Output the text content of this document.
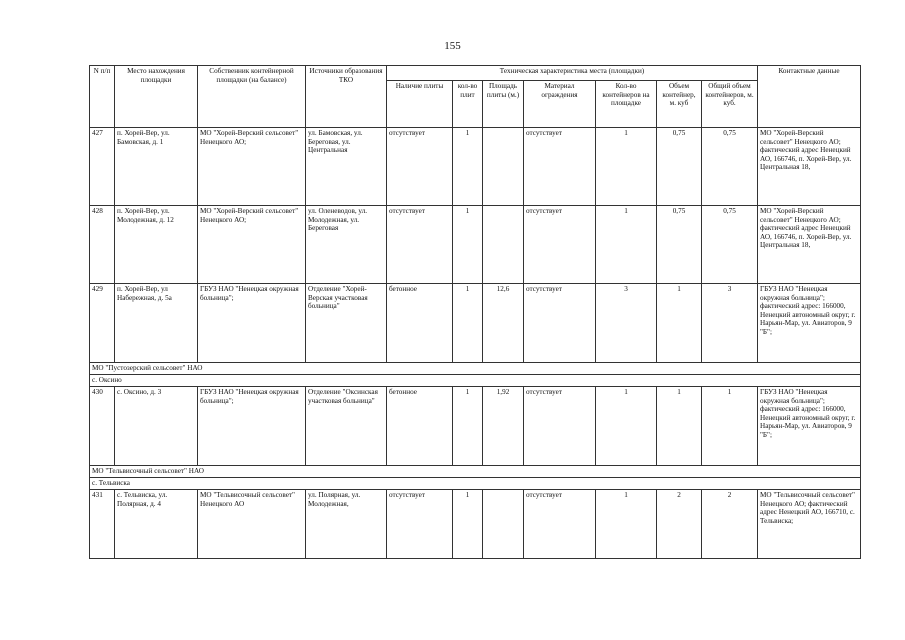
155
N п/п	Место нахождения площадки	Собственник контейнерной площадки (на балансе)	Источники образования ТКО	Техническая характеристика места (площадки)							Контактные данные
				Наличие плиты	кол-во плит	Площадь плиты (м.)	Материал ограждения	Кол-во контейнеров на площадке	Объем контейнер, м. куб	Общий объем контейнеров, м. куб.	
427	п. Хорей-Вер, ул. Бамовская, д. 1	МО "Хорей-Верский сельсовет" Ненецкого АО;	ул. Бамовская, ул. Береговая, ул. Центральная	отсутствует	1		отсутствует	1	0,75	0,75	МО "Хорей-Верский сельсовет" Ненецкого АО; фактический адрес Ненецкий АО, 166746, п. Хорей-Вер, ул. Центральная 18,
428	п. Хорей-Вер, ул. Молодежная, д. 12	МО "Хорей-Верский сельсовет" Ненецкого АО;	ул. Оленеводов, ул. Молодежная, ул. Береговая	отсутствует	1		отсутствует	1	0,75	0,75	МО "Хорей-Верский сельсовет" Ненецкого АО; фактический адрес Ненецкий АО, 166746, п. Хорей-Вер, ул. Центральная 18,
429	п. Хорей-Вер, ул Набережная, д. 5а	ГБУЗ НАО "Ненецкая окружная больница";	Отделение "Хорей-Верская участковая больница"	бетонное	1	12,6	отсутствует	3	1	3	ГБУЗ НАО "Ненецкая окружная больница"; фактический адрес: 166000, Ненецкий автономный округ, г. Нарьян-Мар, ул. Авиаторов, 9 "Б";
МО "Пустозерский сельсовет" НАО											
с. Оксино											
430	с. Оксино, д. 3	ГБУЗ НАО "Ненецкая окружная больница";	Отделение "Оксинская участковая больница"	бетонное	1	1,92	отсутствует	1	1	1	ГБУЗ НАО "Ненецкая окружная больница"; фактический адрес: 166000, Ненецкий автономный округ, г. Нарьян-Мар, ул. Авиаторов, 9 "Б";
МО "Тельвисочный сельсовет" НАО											
с. Тельвиска											
431	с. Тельвиска, ул. Полярная, д. 4	МО "Тельвисочный сельсовет" Ненецкого АО	ул. Полярная, ул. Молодежная,	отсутствует	1		отсутствует	1	2	2	МО "Тельвисочный сельсовет" Ненецкого АО; фактический адрес Ненецкий АО, 166710, с. Тельвиска;
